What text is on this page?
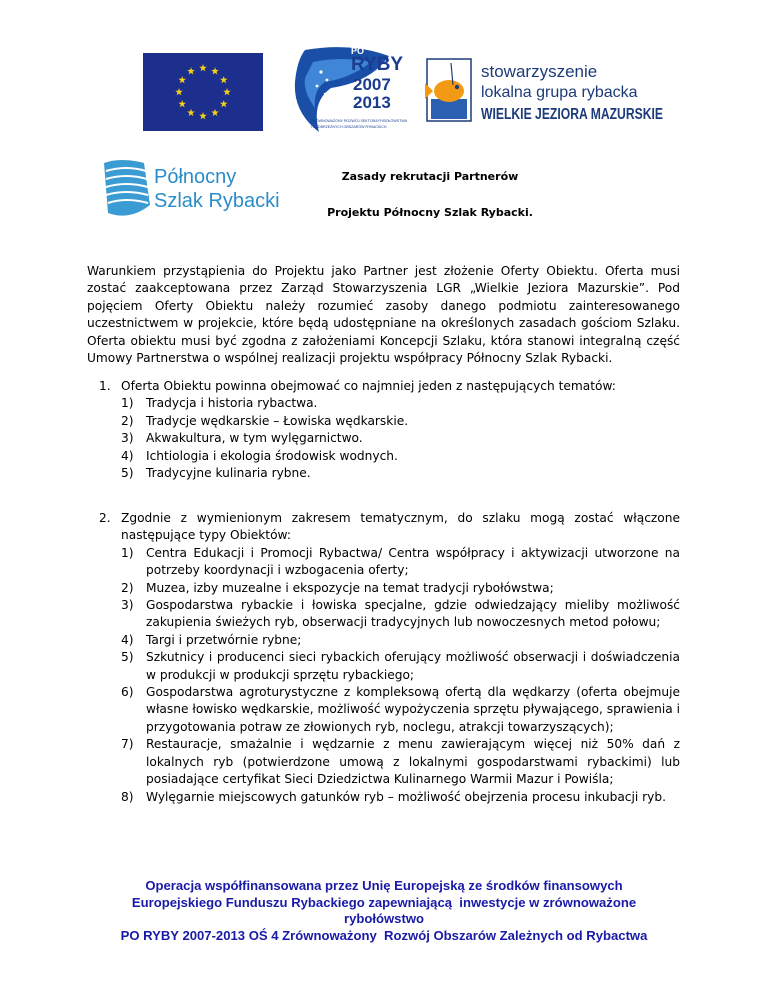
PO
RYBY
2007
2013
ZRÓWNOWAŻONY ROZWÓJ SEKTORA RYBOŁÓWSTWA
I NADBRZEŻNYCH OBSZARÓW RYBACKICH
stowarzyszenie
lokalna grupa rybacka
WIELKIE JEZIORA MAZURSKIE
Północny
Szlak Rybacki
Zasady rekrutacji Partnerów
Projektu Północny Szlak Rybacki.
Warunkiem przystąpienia do Projektu jako Partner jest złożenie Oferty Obiektu. Oferta musi zostać zaakceptowana przez Zarząd Stowarzyszenia LGR „Wielkie Jeziora Mazurskie”. Pod pojęciem Oferty Obiektu należy rozumieć zasoby danego podmiotu zainteresowanego uczestnictwem w projekcie, które będą udostępniane na określonych zasadach gościom Szlaku. Oferta obiektu musi być zgodna z założeniami Koncepcji Szlaku, która stanowi integralną część Umowy Partnerstwa o wspólnej realizacji projektu współpracy Północny Szlak Rybacki.
1. Oferta Obiektu powinna obejmować co najmniej jeden z następujących tematów:
1) Tradycja i historia rybactwa.
2) Tradycje wędkarskie – Łowiska wędkarskie.
3) Akwakultura, w tym wylęgarnictwo.
4) Ichtiologia i ekologia środowisk wodnych.
5) Tradycyjne kulinaria rybne.
2. Zgodnie z wymienionym zakresem tematycznym, do szlaku mogą zostać włączone następujące typy Obiektów:
1) Centra Edukacji i Promocji Rybactwa/ Centra współpracy i aktywizacji utworzone na potrzeby koordynacji i wzbogacenia oferty;
2) Muzea, izby muzealne i ekspozycje na temat tradycji rybołówstwa;
3) Gospodarstwa rybackie i łowiska specjalne, gdzie odwiedzający mieliby możliwość zakupienia świeżych ryb, obserwacji tradycyjnych lub nowoczesnych metod połowu;
4) Targi i przetwórnie rybne;
5) Szkutnicy i producenci sieci rybackich oferujący możliwość obserwacji i doświadczenia w produkcji w produkcji sprzętu rybackiego;
6) Gospodarstwa agroturystyczne z kompleksową ofertą dla wędkarzy (oferta obejmuje własne łowisko wędkarskie, możliwość wypożyczenia sprzętu pływającego, sprawienia i przygotowania potraw ze złowionych ryb, noclegu, atrakcji towarzyszących);
7) Restauracje, smażalnie i wędzarnie z menu zawierającym więcej niż 50% dań z lokalnych ryb (potwierdzone umową z lokalnymi gospodarstwami rybackimi) lub posiadające certyfikat Sieci Dziedzictwa Kulinarnego Warmii Mazur i Powiśla;
8) Wylęgarnie miejscowych gatunków ryb – możliwość obejrzenia procesu inkubacji ryb.
Operacja współfinansowana przez Unię Europejską ze środków finansowych
Europejskiego Funduszu Rybackiego zapewniającą  inwestycje w zrównoważone
rybołówstwo
PO RYBY 2007-2013 OŚ 4 Zrównoważony  Rozwój Obszarów Zależnych od Rybactwa
